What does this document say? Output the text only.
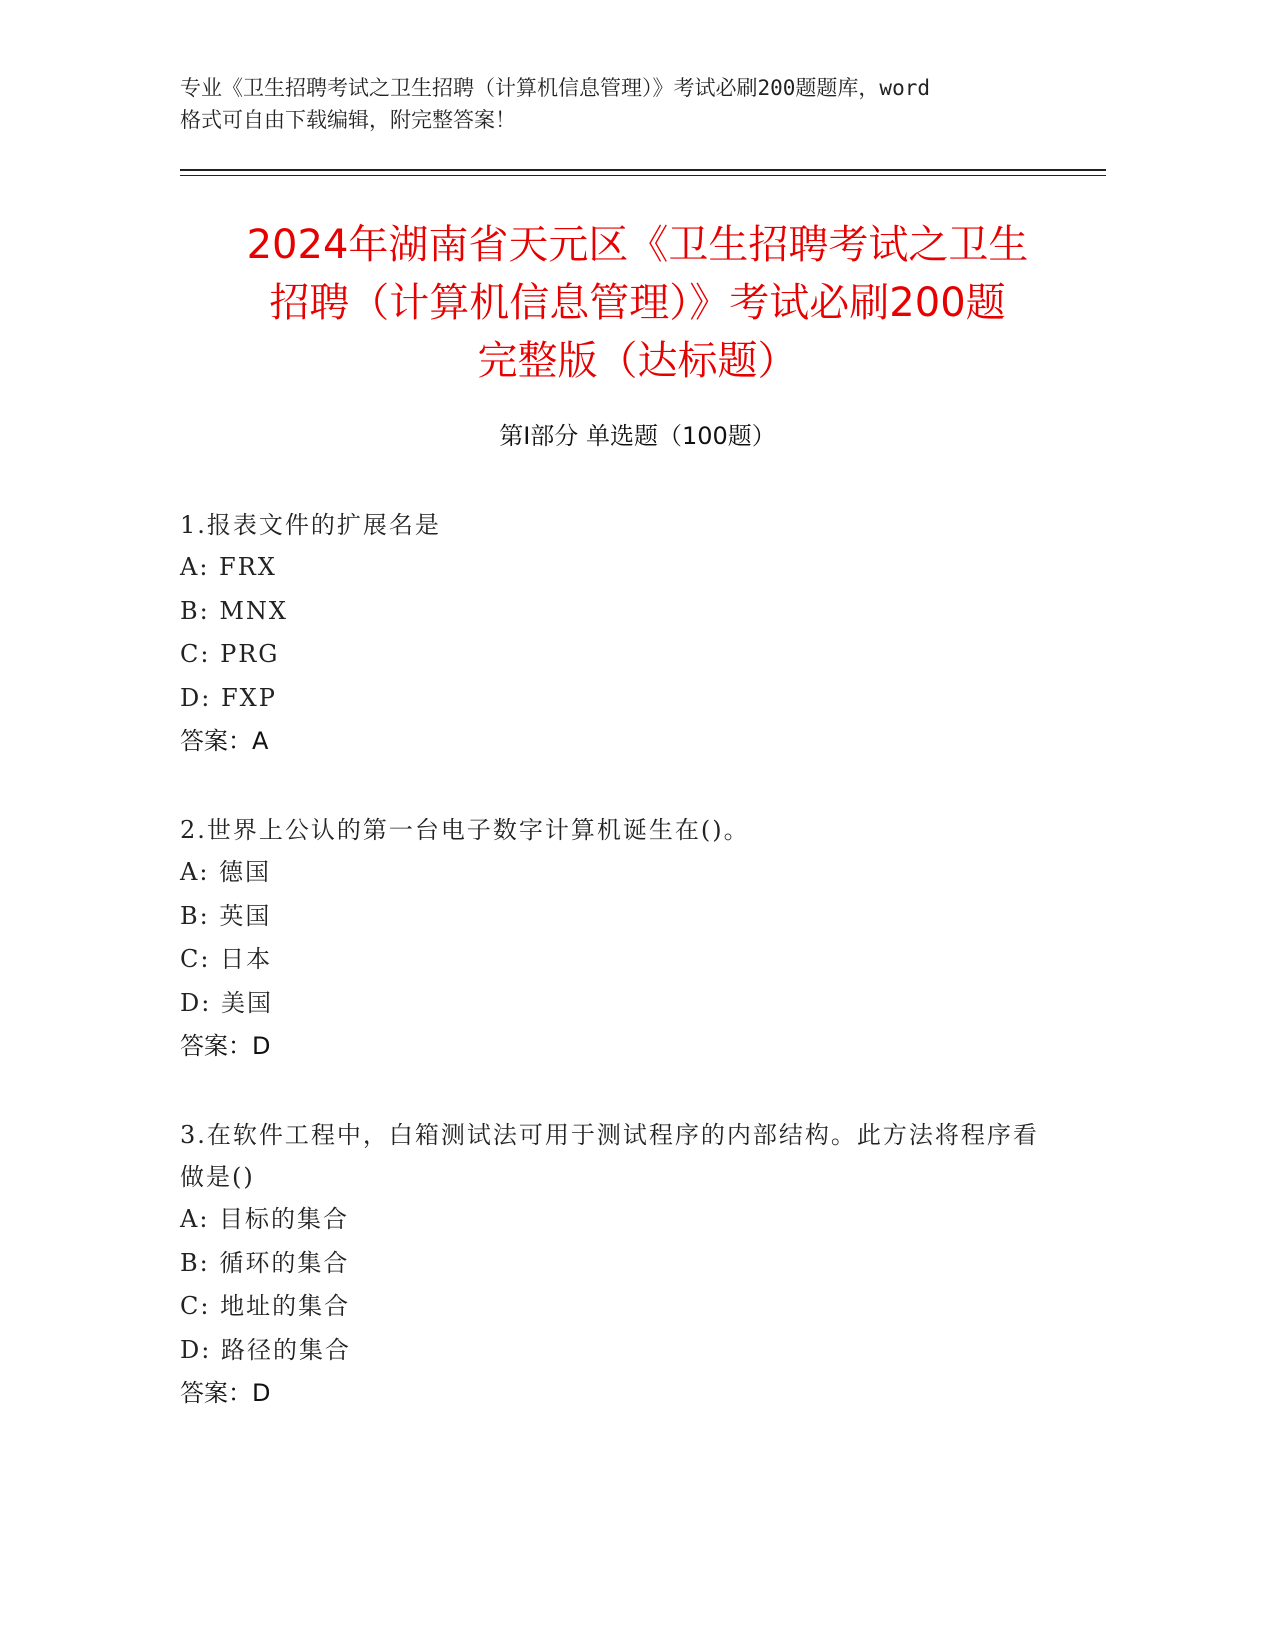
专业《卫生招聘考试之卫生招聘（计算机信息管理）》考试必刷200题题库，word
格式可自由下载编辑，附完整答案！
2024年湖南省天元区《卫生招聘考试之卫生
招聘（计算机信息管理）》考试必刷200题
完整版（达标题）
第Ⅰ部分 单选题（100题）

1.报表文件的扩展名是

A: FRX

B: MNX

C: PRG

D: FXP

答案：A

2.世界上公认的第一台电子数字计算机诞生在()。

A: 德国

B: 英国

C: 日本

D: 美国

答案：D

3.在软件工程中，白箱测试法可用于测试程序的内部结构。此方法将程序看做是()

A: 目标的集合

B: 循环的集合

C: 地址的集合

D: 路径的集合

答案：D
